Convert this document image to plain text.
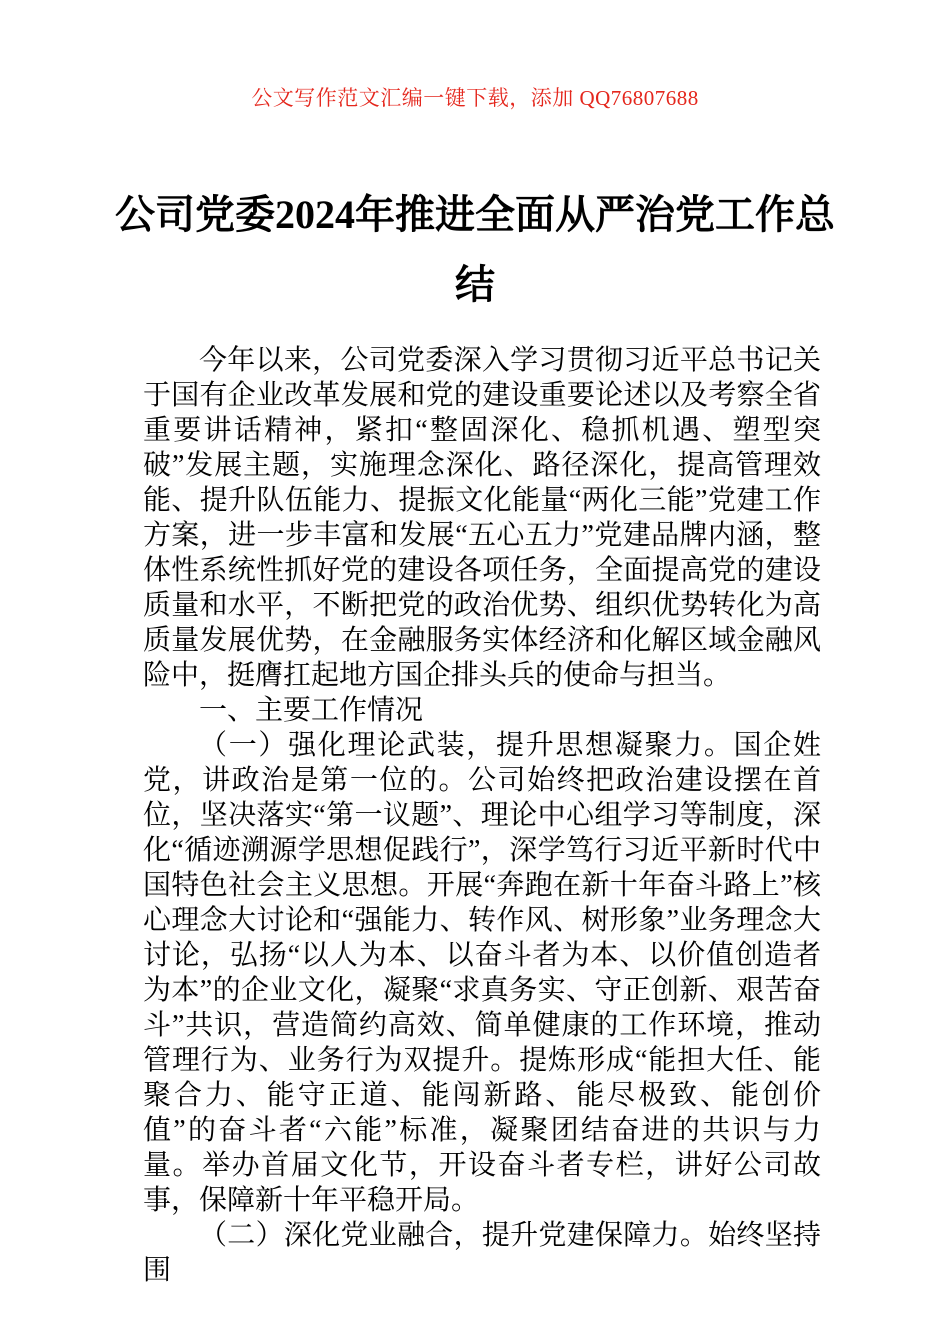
公文写作范文汇编一键下载，添加 QQ76807688
公司党委2024年推进全面从严治党工作总
结

今年以来，公司党委深入学习贯彻习近平总书记关于国有企业改革发展和党的建设重要论述以及考察全省重要讲话精神，紧扣“整固深化、稳抓机遇、塑型突破”发展主题，实施理念深化、路径深化，提高管理效能、提升队伍能力、提振文化能量“两化三能”党建工作方案，进一步丰富和发展“五心五力”党建品牌内涵，整体性系统性抓好党的建设各项任务，全面提高党的建设质量和水平，不断把党的政治优势、组织优势转化为高质量发展优势，在金融服务实体经济和化解区域金融风险中，挺膺扛起地方国企排头兵的使命与担当。

一、主要工作情况

（一）强化理论武装，提升思想凝聚力。国企姓党，讲政治是第一位的。公司始终把政治建设摆在首位，坚决落实“第一议题”、理论中心组学习等制度，深化“循迹溯源学思想促践行”，深学笃行习近平新时代中国特色社会主义思想。开展“奔跑在新十年奋斗路上”核心理念大讨论和“强能力、转作风、树形象”业务理念大讨论，弘扬“以人为本、以奋斗者为本、以价值创造者为本”的企业文化，凝聚“求真务实、守正创新、艰苦奋斗”共识，营造简约高效、简单健康的工作环境，推动管理行为、业务行为双提升。提炼形成“能担大任、能聚合力、能守正道、能闯新路、能尽极致、能创价值”的奋斗者“六能”标准，凝聚团结奋进的共识与力量。举办首届文化节，开设奋斗者专栏，讲好公司故事，保障新十年平稳开局。

（二）深化党业融合，提升党建保障力。始终坚持围
